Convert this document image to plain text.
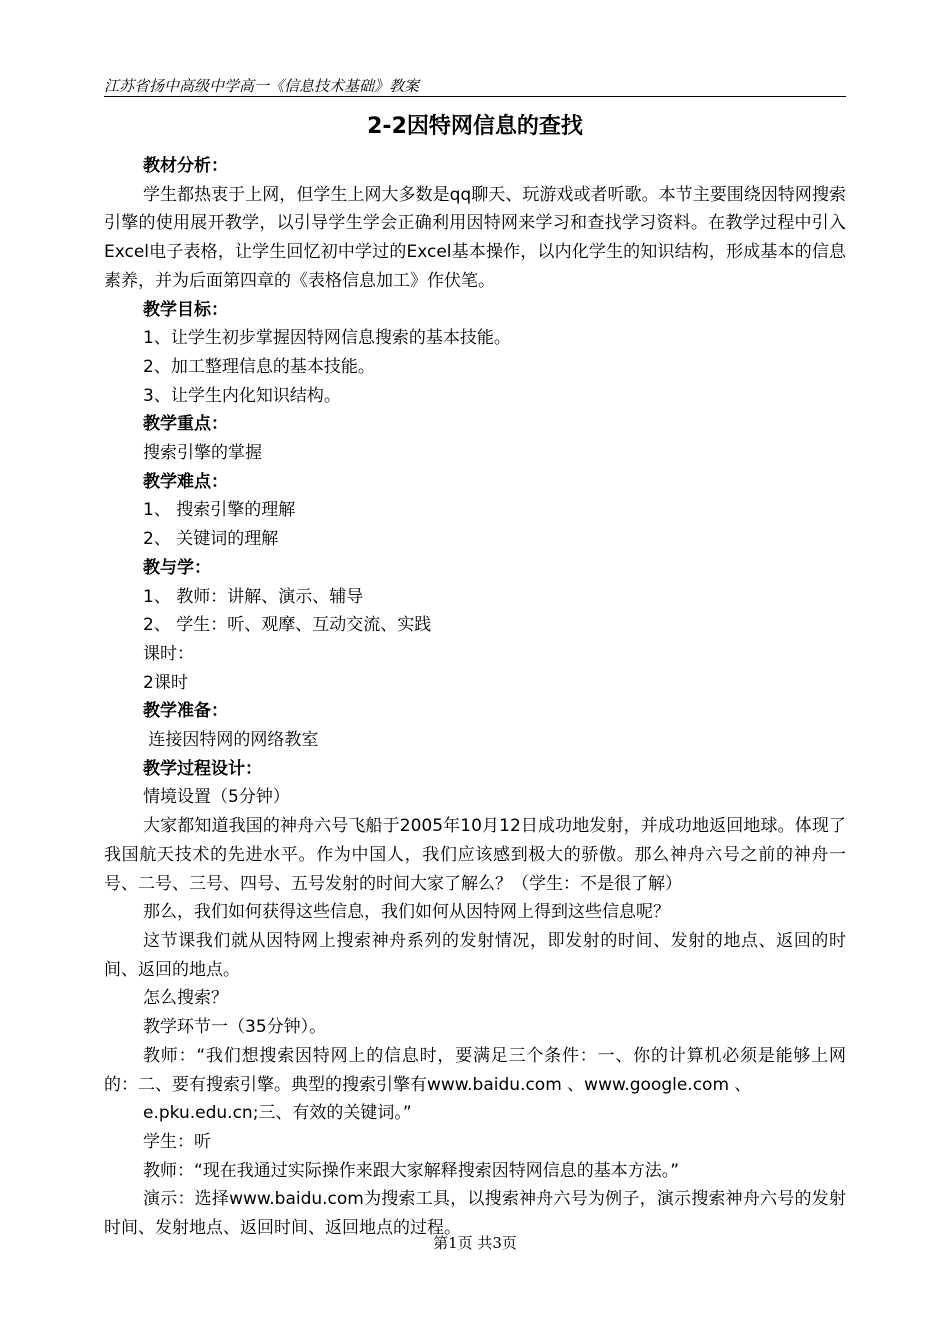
江苏省扬中高级中学高一《信息技术基础》教案
2-2因特网信息的查找

教材分析：

学生都热衷于上网，但学生上网大多数是qq聊天、玩游戏或者听歌。本节主要围绕因特网搜索引擎的使用展开教学，以引导学生学会正确利用因特网来学习和查找学习资料。在教学过程中引入Excel电子表格，让学生回忆初中学过的Excel基本操作，以内化学生的知识结构，形成基本的信息素养，并为后面第四章的《表格信息加工》作伏笔。

教学目标：

1、让学生初步掌握因特网信息搜索的基本技能。

2、加工整理信息的基本技能。

3、让学生内化知识结构。

教学重点：

搜索引擎的掌握

教学难点：

1、 搜索引擎的理解

2、 关键词的理解

教与学：

1、 教师：讲解、演示、辅导

2、 学生：听、观摩、互动交流、实践

课时：

2课时

教学准备：

连接因特网的网络教室

教学过程设计：

情境设置（5分钟）

大家都知道我国的神舟六号飞船于2005年10月12日成功地发射，并成功地返回地球。体现了我国航天技术的先进水平。作为中国人，我们应该感到极大的骄傲。那么神舟六号之前的神舟一号、二号、三号、四号、五号发射的时间大家了解么？（学生：不是很了解）

那么，我们如何获得这些信息，我们如何从因特网上得到这些信息呢？

这节课我们就从因特网上搜索神舟系列的发射情况，即发射的时间、发射的地点、返回的时间、返回的地点。

怎么搜索？

教学环节一（35分钟）。

教师：“我们想搜索因特网上的信息时，要满足三个条件：一、你的计算机必须是能够上网的：二、要有搜索引擎。典型的搜索引擎有www.baidu.com 、www.google.com 、

e.pku.edu.cn;三、有效的关键词。”

学生：听

教师：“现在我通过实际操作来跟大家解释搜索因特网信息的基本方法。”

演示：选择www.baidu.com为搜索工具，以搜索神舟六号为例子，演示搜索神舟六号的发射时间、发射地点、返回时间、返回地点的过程。

第1页 共3页
